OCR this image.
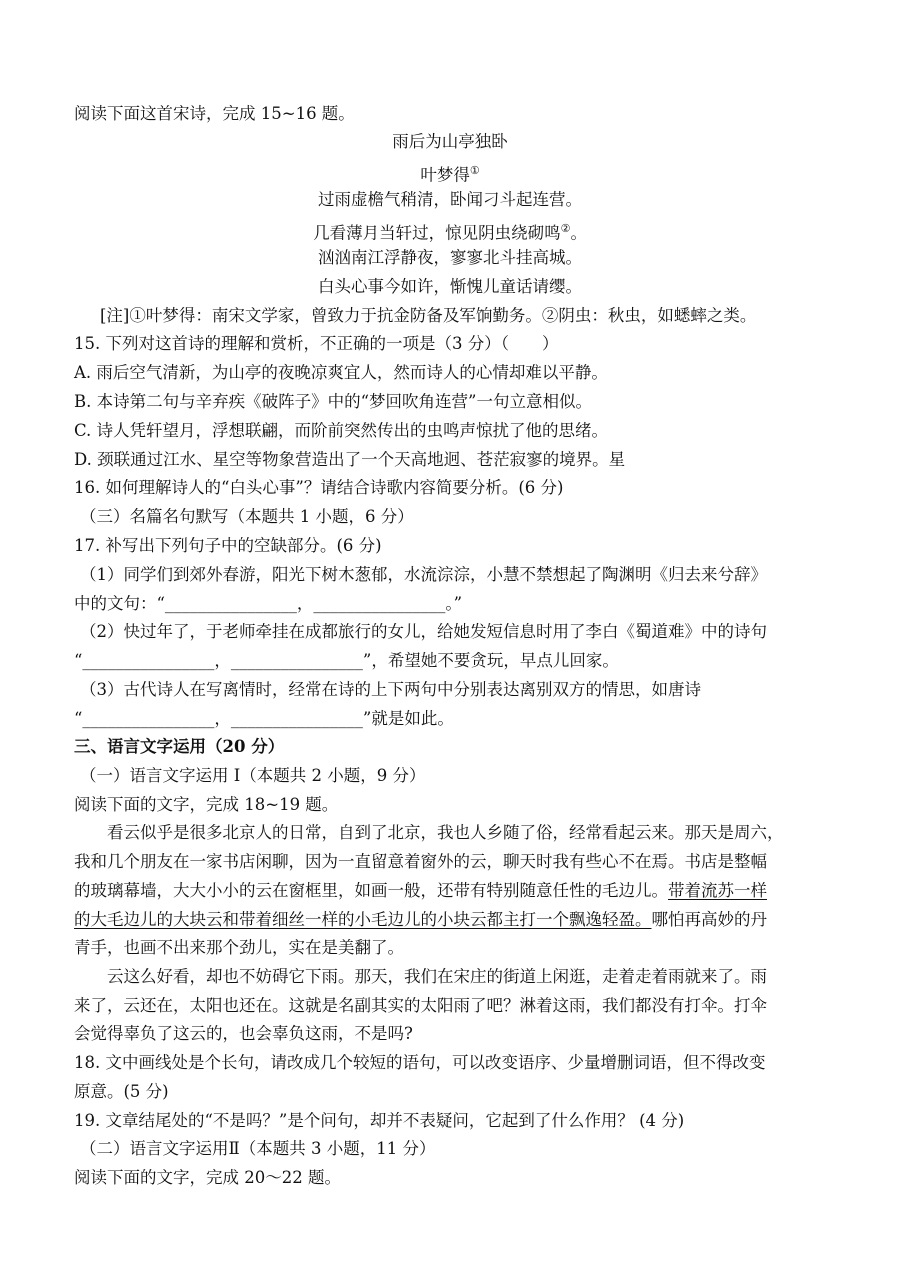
阅读下面这首宋诗，完成 15~16 题。
雨后为山亭独卧
叶梦得①
过雨虚檐气稍清，卧闻刁斗起连营。
几看薄月当轩过，惊见阴虫绕砌鸣②。
汹汹南江浮静夜，寥寥北斗挂高城。
白头心事今如许，惭愧儿童话请缨。
[注]①叶梦得：南宋文学家，曾致力于抗金防备及军饷勤务。②阴虫：秋虫，如蟋蟀之类。
15. 下列对这首诗的理解和赏析，不正确的一项是（3 分）（　　）
A. 雨后空气清新，为山亭的夜晚凉爽宜人，然而诗人的心情却难以平静。
B. 本诗第二句与辛弃疾《破阵子》中的“梦回吹角连营”一句立意相似。
C. 诗人凭轩望月，浮想联翩，而阶前突然传出的虫鸣声惊扰了他的思绪。
D. 颈联通过江水、星空等物象营造出了一个天高地迥、苍茫寂寥的境界。星
16. 如何理解诗人的“白头心事”？请结合诗歌内容简要分析。(6 分)
（三）名篇名句默写（本题共 1 小题，6 分）
17. 补写出下列句子中的空缺部分。(6 分)
（1）同学们到郊外春游，阳光下树木葱郁，水流淙淙，小慧不禁想起了陶渊明《归去来兮辞》
中的文句：“________________，________________。”
（2）快过年了，于老师牵挂在成都旅行的女儿，给她发短信息时用了李白《蜀道难》中的诗句
“________________，________________”，希望她不要贪玩，早点儿回家。
（3）古代诗人在写离情时，经常在诗的上下两句中分别表达离别双方的情思，如唐诗
“________________，________________”就是如此。
三、语言文字运用（20 分）
（一）语言文字运用 I（本题共 2 小题，9 分）
阅读下面的文字，完成 18~19 题。
看云似乎是很多北京人的日常，自到了北京，我也人乡随了俗，经常看起云来。那天是周六，
我和几个朋友在一家书店闲聊，因为一直留意着窗外的云，聊天时我有些心不在焉。书店是整幅
的玻璃幕墙，大大小小的云在窗框里，如画一般，还带有特别随意任性的毛边儿。带着流苏一样
的大毛边儿的大块云和带着细丝一样的小毛边儿的小块云都主打一个飘逸轻盈。哪怕再高妙的丹
青手，也画不出来那个劲儿，实在是美翻了。
云这么好看，却也不妨碍它下雨。那天，我们在宋庄的街道上闲逛，走着走着雨就来了。雨
来了，云还在，太阳也还在。这就是名副其实的太阳雨了吧？淋着这雨，我们都没有打伞。打伞
会觉得辜负了这云的，也会辜负这雨，不是吗?
18. 文中画线处是个长句，请改成几个较短的语句，可以改变语序、少量增删词语，但不得改变
原意。(5 分)
19. 文章结尾处的“不是吗？”是个问句，却并不表疑问，它起到了什么作用？ (4 分)
（二）语言文字运用Ⅱ（本题共 3 小题，11 分）
阅读下面的文字，完成 20～22 题。
